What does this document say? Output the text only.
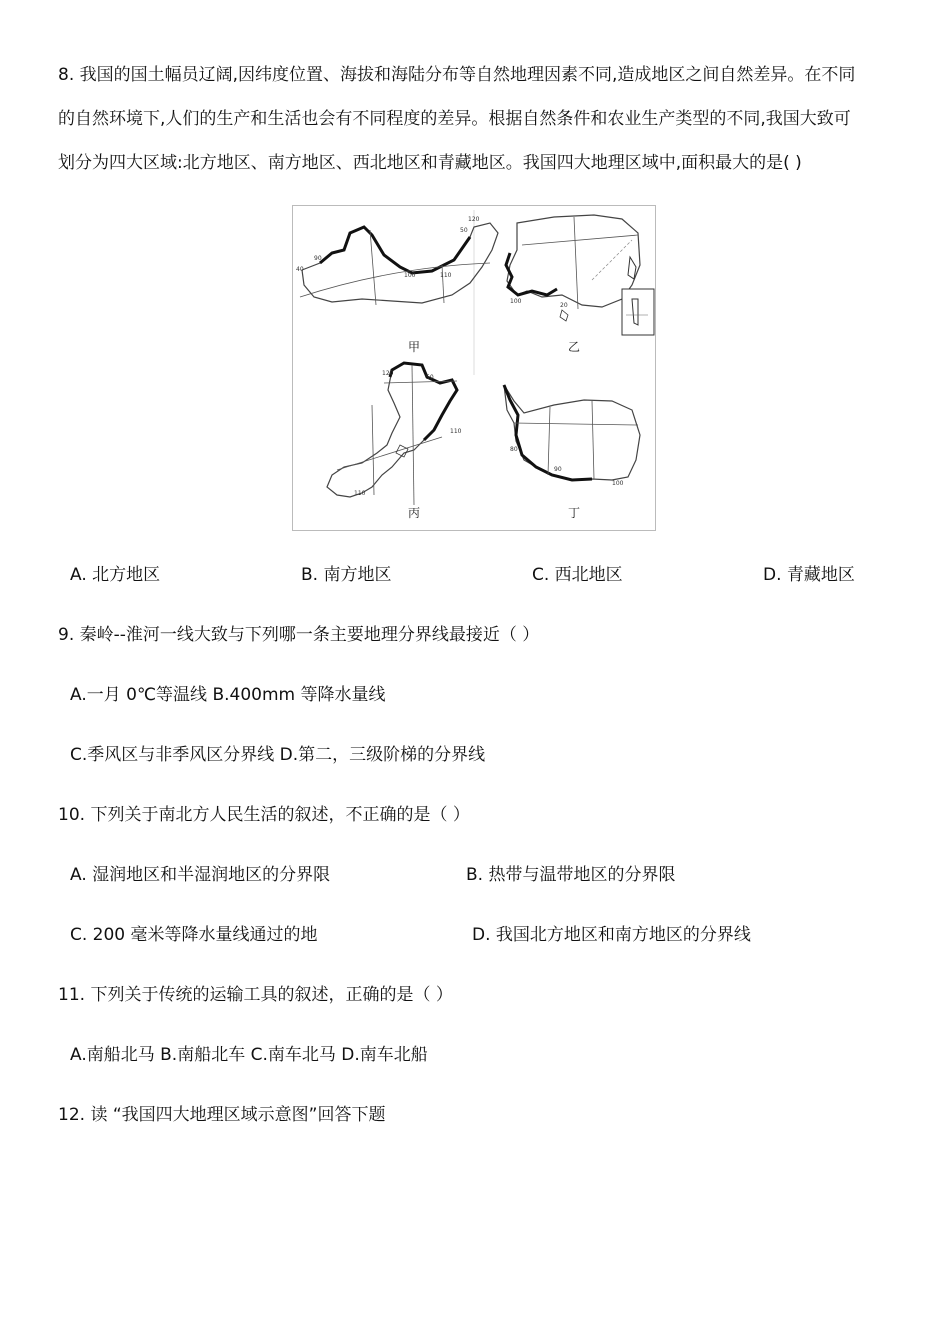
8. 我国的国土幅员辽阔,因纬度位置、海拔和海陆分布等自然地理因素不同,造成地区之间自然差异。在不同
的自然环境下,人们的生产和生活也会有不同程度的差异。根据自然条件和农业生产类型的不同,我国大致可
划分为四大区域:北方地区、南方地区、西北地区和青藏地区。我国四大地理区域中,面积最大的是( )
40
90
100	110
120
50
甲
100
20
乙
120
50
110
110
丙
80
90
100
丁
A. 北方地区	B. 南方地区	C. 西北地区	D. 青藏地区
9. 秦岭--淮河一线大致与下列哪一条主要地理分界线最接近（ ）
A.一月 0℃等温线 B.400mm 等降水量线
C.季风区与非季风区分界线 D.第二，三级阶梯的分界线
10. 下列关于南北方人民生活的叙述，不正确的是（ ）
A. 湿润地区和半湿润地区的分界限	B. 热带与温带地区的分界限
C. 200 毫米等降水量线通过的地	D. 我国北方地区和南方地区的分界线
11. 下列关于传统的运输工具的叙述，正确的是（ ）
A.南船北马 B.南船北车 C.南车北马 D.南车北船
12. 读 “我国四大地理区域示意图”回答下题
